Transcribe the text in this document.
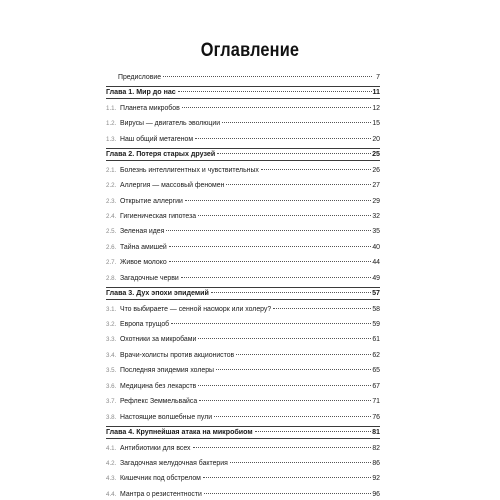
Оглавление
Предисловие	7
Глава 1. Мир до нас	11
1.1. Планета микробов	12
1.2. Вирусы — двигатель эволюции	15
1.3. Наш общий метагеном	20
Глава 2. Потеря старых друзей	25
2.1. Болезнь интеллигентных и чувствительных	26
2.2. Аллергия — массовый феномен	27
2.3. Открытие аллергии	29
2.4. Гигиеническая гипотеза	32
2.5. Зеленая идея	35
2.6. Тайна амишей	40
2.7. Живое молоко	44
2.8. Загадочные черви	49
Глава 3. Дух эпохи эпидемий	57
3.1. Что выбираете — сенной насморк или холеру?	58
3.2. Европа трущоб	59
3.3. Охотники за микробами	61
3.4. Врачи-холисты против акционистов	62
3.5. Последняя эпидемия холеры	65
3.6. Медицина без лекарств	67
3.7. Рефлекс Земмельвайса	71
3.8. Настоящие волшебные пули	76
Глава 4. Крупнейшая атака на микробиом	81
4.1. Антибиотики для всех	82
4.2. Загадочная желудочная бактерия	86
4.3. Кишечник под обстрелом	92
4.4. Мантра о резистентности	96
